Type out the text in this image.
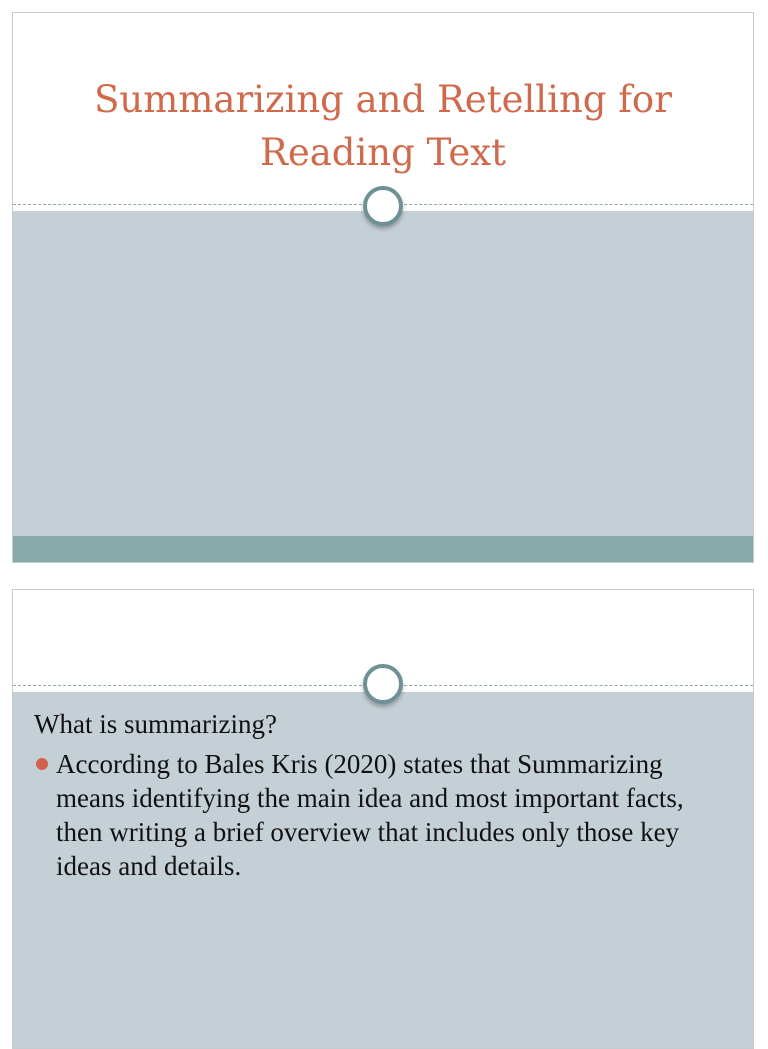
Summarizing and Retelling for Reading Text

What is summarizing?

According to Bales Kris (2020) states that Summarizing means identifying the main idea and most important facts, then writing a brief overview that includes only those key ideas and details.
